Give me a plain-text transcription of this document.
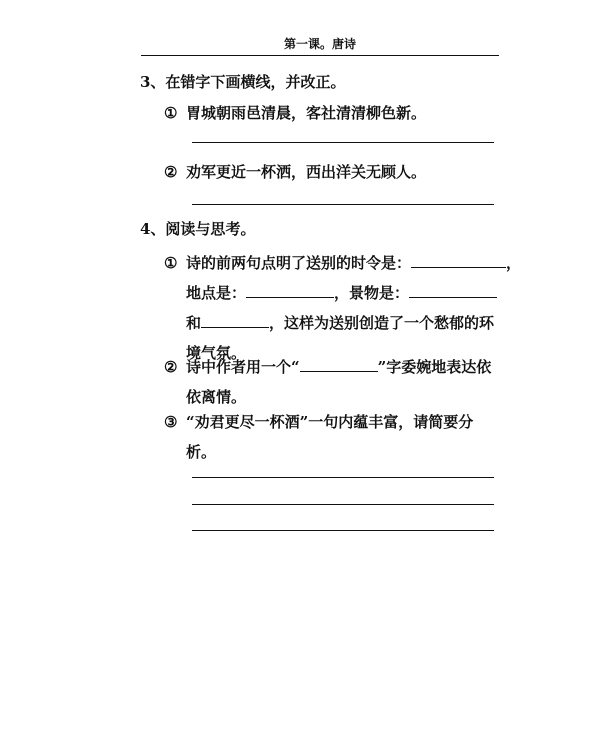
第一课。唐诗
3、在错字下画横线，并改正。
① 胃城朝雨邑清晨，客社清清柳色新。
② 劝军更近一杯洒，西出洋关无顾人。
4、阅读与思考。
① 诗的前两句点明了送别的时令是：	，
地点是：	，景物是：
和	，这样为送别创造了一个愁郁的环
境气氛。
② 诗中作者用一个“	”字委婉地表达依
依离情。
③ “劝君更尽一杯酒”一句内蕴丰富，请简要分
析。
